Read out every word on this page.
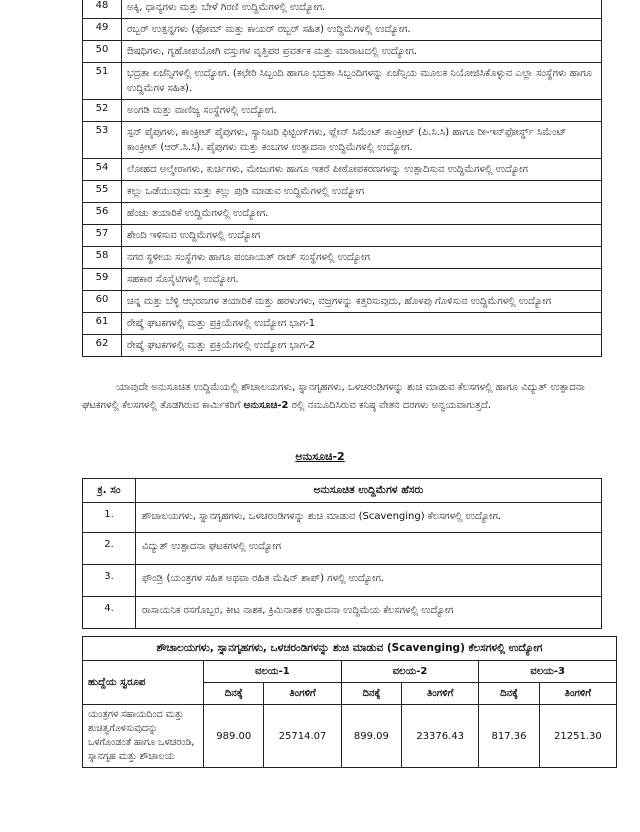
48	ಅಕ್ಕಿ, ಧಾನ್ಯಗಳು ಮತ್ತು ಬೇಳೆ ಗಿರಣಿ ಉದ್ದಿಮೆಗಳಲ್ಲಿ ಉದ್ಯೋಗ.
49	ರಬ್ಬರ್ ಉತ್ಪನ್ನಗಳು (ಫೋಮ್ ಮತ್ತು ಕಾಯರ್ ರಬ್ಬರ್ ಸಹಿತ) ಉದ್ದಿಮೆಗಳಲ್ಲಿ ಉದ್ಯೋಗ.
50	ಔಷಧಿಗಳು, ಗೃಹೋಪಯೋಗಿ ವಸ್ತುಗಳ ವೃತ್ತಿಪರ ಪ್ರವರ್ತಕ ಮತ್ತು ಮಾರಾಟದಲ್ಲಿ ಉದ್ಯೋಗ.
51	ಭದ್ರತಾ ಏಜೆನ್ಸಿಗಳಲ್ಲಿ ಉದ್ಯೋಗ. (ಕಛೇರಿ ಸಿಬ್ಬಂದಿ ಹಾಗೂ ಭದ್ರತಾ ಸಿಬ್ಬಂದಿಗಳನ್ನು ಏಜೆನ್ಸಿಯ ಮೂಲಕ ನಿಯೋಜಿಸಿಕೊಳ್ಳುವ ಎಲ್ಲಾ ಸಂಸ್ಥೆಗಳು ಹಾಗೂ ಉದ್ದಿಮೆಗಳ ಸಹಿತ).
52	ಅಂಗಡಿ ಮತ್ತು ವಾಣಿಜ್ಯ ಸಂಸ್ಥೆಗಳಲ್ಲಿ ಉದ್ಯೋಗ.
53	ಸ್ಪನ್ ಪೈಪುಗಳು, ಕಾಂಕ್ರೀಟ್ ಪೈಪುಗಳು, ಸ್ಯಾನಿಟರಿ ಫಿಟ್ಟಿಂಗ್‌ಗಳು, ಪ್ಲೇನ್ ಸಿಮೆಂಟ್ ಕಾಂಕ್ರೀಟ್ (ಪಿ.ಸಿ.ಸಿ) ಹಾಗೂ ರೀ-ಇನ್‌ಫೋರ್ಸ್ಡ್ ಸಿಮೆಂಟ್ ಕಾಂಕ್ರೀಟ್ (ಆರ್.ಸಿ.ಸಿ). ಪೈಪುಗಳು ಮತ್ತು ಕಂಬಗಳ ಉತ್ಪಾದನಾ ಉದ್ದಿಮೆಗಳಲ್ಲಿ ಉದ್ಯೋಗ.
54	ಲೋಹದ ಅಲ್ಮೇರಾಗಳು, ಕುರ್ಚಿಗಳು, ಮೇಜುಗಳು ಹಾಗೂ ಇತರೆ ಪೀಠೋಪಕರಣಗಳನ್ನು ಉತ್ಪಾದಿಸುವ ಉದ್ದಿಮೆಗಳಲ್ಲಿ ಉದ್ಯೋಗ
55	ಕಲ್ಲು ಒಡೆಯುವುದು ಮತ್ತು ಕಲ್ಲು ಪುಡಿ ಮಾಡುವ ಉದ್ದಿಮೆಗಳಲ್ಲಿ ಉದ್ಯೋಗ
56	ಹೆಂಚು ತಯಾರಿಕೆ ಉದ್ದಿಮೆಗಳಲ್ಲಿ ಉದ್ಯೋಗ.
57	ಶೇಂದಿ ಇಳಿಸುವ ಉದ್ದಿಮೆಗಳಲ್ಲಿ ಉದ್ಯೋಗ
58	ನಗರ ಸ್ಥಳೀಯ ಸಂಸ್ಥೆಗಳು ಹಾಗೂ ಪಂಚಾಯತ್ ರಾಜ್ ಸಂಸ್ಥೆಗಳಲ್ಲಿ ಉದ್ಯೋಗ
59	ಸಹಕಾರ ಸೊಸೈಟಿಗಳಲ್ಲಿ ಉದ್ಯೋಗ.
60	ಚಿನ್ನ ಮತ್ತು ಬೆಳ್ಳಿ ಆಭರಣಗಳ ತಯಾರಿಕೆ ಮತ್ತು ಹರಳುಗಳು, ವಜ್ರಗಳನ್ನು ಕತ್ತರಿಸುವುದು, ಹೊಳಪು ಗೊಳಿಸುವ ಉದ್ದಿಮೆಗಳಲ್ಲಿ ಉದ್ಯೋಗ
61	ರೇಷ್ಮೆ ಘಟಕಗಳಲ್ಲಿ ಮತ್ತು ಪ್ರಕ್ರಿಯೆಗಳಲ್ಲಿ ಉದ್ಯೋಗ ಭಾಗ-1
62	ರೇಷ್ಮೆ ಘಟಕಗಳಲ್ಲಿ ಮತ್ತು ಪ್ರಕ್ರಿಯೆಗಳಲ್ಲಿ ಉದ್ಯೋಗ ಭಾಗ-2

ಯಾವುದೇ ಅನುಸೂಚಿತ ಉದ್ದಿಮೆಯಲ್ಲಿ ಶೌಚಾಲಯಗಳು, ಸ್ನಾನಗೃಹಗಳು, ಒಳಚರಂಡಿಗಳನ್ನು ಶುಚಿ ಮಾಡುವ ಕೆಲಸಗಳಲ್ಲಿ ಹಾಗೂ ವಿದ್ಯುತ್ ಉತ್ಪಾದನಾ ಘಟಕಗಳಲ್ಲಿ ಕೆಲಸಗಳಲ್ಲಿ ತೊಡಗಿರುವ ಕಾರ್ಮಿಕರಿಗೆ ಅನುಸೂಚಿ-2 ರಲ್ಲಿ ನಮೂದಿಸಿರುವ ಕನಿಷ್ಠ ವೇತನ ದರಗಳು ಅನ್ವಯವಾಗುತ್ತದೆ.

ಅನುಸೂಚಿ-2

ಕ್ರ. ಸಂ	ಅನುಸೂಚಿತ ಉದ್ದಿಮೆಗಳ ಹೆಸರು
1.	ಶೌಚಾಲಯಗಳು, ಸ್ನಾನಗೃಹಗಳು, ಒಳಚರಂಡಿಗಳನ್ನು ಶುಚಿ ಮಾಡುವ (Scavenging) ಕೆಲಸಗಳಲ್ಲಿ ಉದ್ಯೋಗ.
2.	ವಿದ್ಯುತ್ ಉತ್ಪಾದನಾ ಘಟಕಗಳಲ್ಲಿ ಉದ್ಯೋಗ
3.	ಫೌಂಡ್ರಿ (ಯಂತ್ರಗಳ ಸಹಿತ ಅಥವಾ ರಹಿತ ಮೆಷಿನ್ ಶಾಪ್) ಗಳಲ್ಲಿ ಉದ್ಯೋಗ.
4.	ರಾಸಾಯನಿಕ ರಸಗೊಬ್ಬರ, ಕೀಟ ನಾಶಕ, ಕ್ರಿಮಿನಾಶಕ ಉತ್ಪಾದನಾ ಉದ್ದಿಮೆಯ ಕೆಲಸಗಳಲ್ಲಿ ಉದ್ಯೋಗ
ಶೌಚಾಲಯಗಳು, ಸ್ನಾನಗೃಹಗಳು, ಒಳಚರಂಡಿಗಳನ್ನು ಶುಚಿ ಮಾಡುವ (Scavenging) ಕೆಲಸಗಳಲ್ಲಿ ಉದ್ಯೋಗ						
ಹುದ್ದೆಯ ಸ್ವರೂಪ	ವಲಯ-1		ವಲಯ-2		ವಲಯ-3	
	ದಿನಕ್ಕೆ	ತಿಂಗಳಿಗೆ	ದಿನಕ್ಕೆ	ತಿಂಗಳಿಗೆ	ದಿನಕ್ಕೆ	ತಿಂಗಳಿಗೆ
ಯಂತ್ರಗಳ ಸಹಾಯದಿಂದ ಮತ್ತು ಶುಚಿತ್ವಗೊಳಿಸುವುದನ್ನು ಒಳಗೊಂಡಂತೆ ಹಾಗೂ ಒಳಚರಂಡಿ, ಸ್ನಾನಗೃಹ ಮತ್ತು ಶೌಚಾಲಯ	989.00	25714.07	899.09	23376.43	817.36	21251.30
